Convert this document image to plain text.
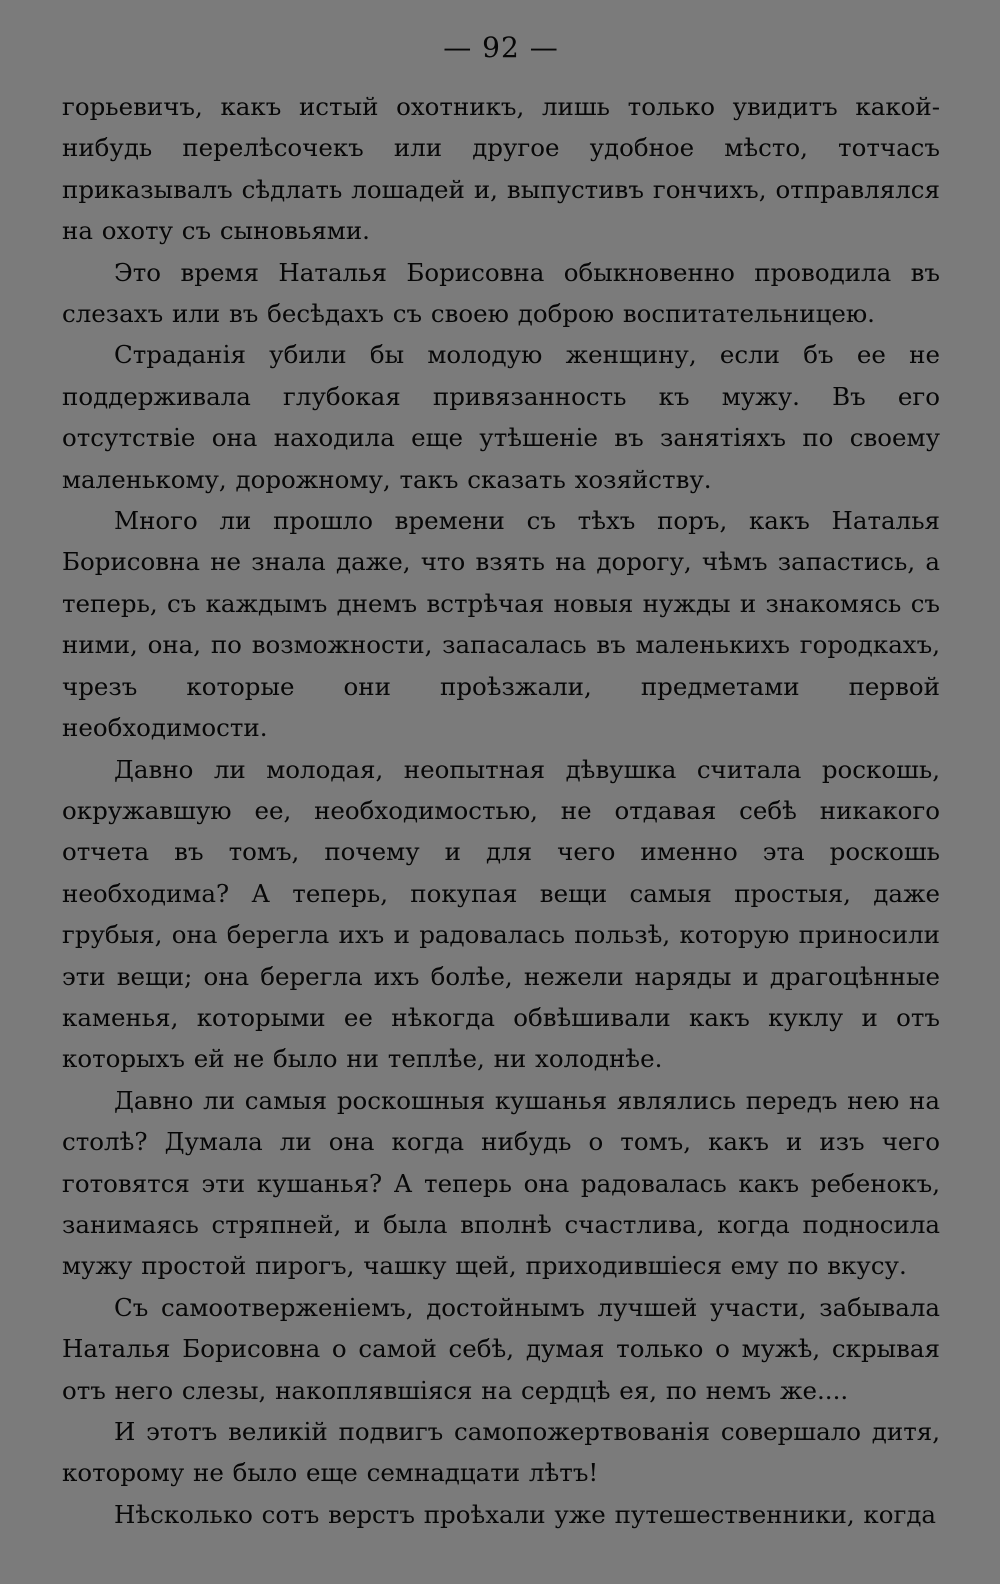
— 92 —

горьевичъ, какъ истый охотникъ, лишь только увидитъ какой-нибудь перелѣсочекъ или другое удобное мѣсто, тотчасъ приказывалъ сѣдлать лошадей и, выпустивъ гончихъ, отправлялся на охоту съ сыновьями.

Это время Наталья Борисовна обыкновенно проводила въ слезахъ или въ бесѣдахъ съ своею доброю воспитательницею.

Страданія убили бы молодую женщину, если бъ ее не поддерживала глубокая привязанность къ мужу. Въ его отсутствіе она находила еще утѣшеніе въ занятіяхъ по своему маленькому, дорожному, такъ сказать хозяйству.

Много ли прошло времени съ тѣхъ поръ, какъ Наталья Борисовна не знала даже, что взять на дорогу, чѣмъ запастись, а теперь, съ каждымъ днемъ встрѣчая новыя нужды и знакомясь съ ними, она, по возможности, запасалась въ маленькихъ городкахъ, чрезъ которые они проѣзжали, предметами первой необходимости.

Давно ли молодая, неопытная дѣвушка считала роскошь, окружавшую ее, необходимостью, не отдавая себѣ никакого отчета въ томъ, почему и для чего именно эта роскошь необходима? А теперь, покупая вещи самыя простыя, даже грубыя, она берегла ихъ и радовалась пользѣ, которую приносили эти вещи; она берегла ихъ болѣе, нежели наряды и драгоцѣнные каменья, которыми ее нѣкогда обвѣшивали какъ куклу и отъ которыхъ ей не было ни теплѣе, ни холоднѣе.

Давно ли самыя роскошныя кушанья являлись передъ нею на столѣ? Думала ли она когда нибудь о томъ, какъ и изъ чего готовятся эти кушанья? А теперь она радовалась какъ ребенокъ, занимаясь стряпней, и была вполнѣ счастлива, когда подносила мужу простой пирогъ, чашку щей, приходившіеся ему по вкусу.

Съ самоотверженіемъ, достойнымъ лучшей участи, забывала Наталья Борисовна о самой себѣ, думая только о мужѣ, скрывая отъ него слезы, накоплявшіяся на сердцѣ ея, по немъ же....

И этотъ великій подвигъ самопожертвованія совершало дитя, которому не было еще семнадцати лѣтъ!

Нѣсколько сотъ верстъ проѣхали уже путешественники, когда
